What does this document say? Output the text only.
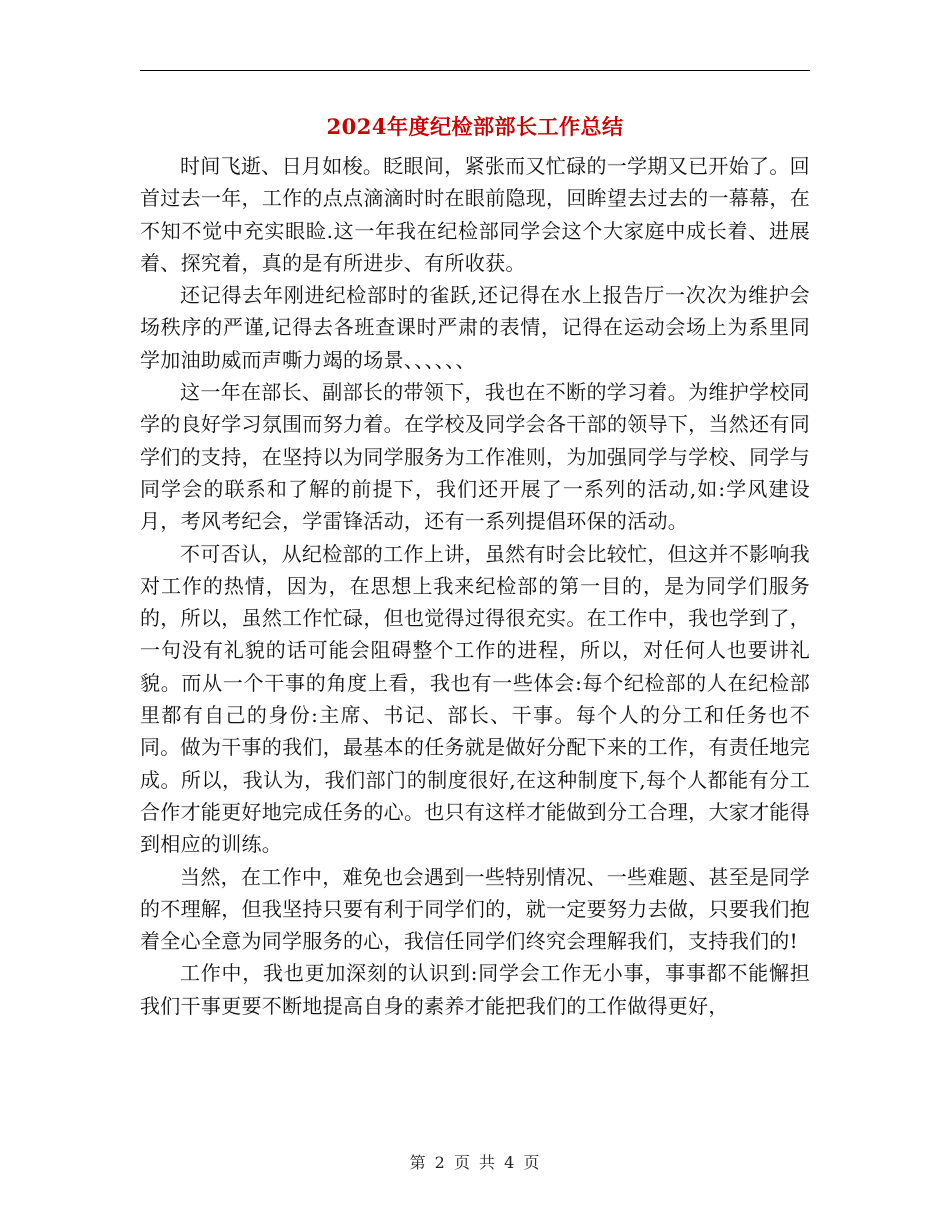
2024年度纪检部部长工作总结

时间飞逝、日月如梭。眨眼间，紧张而又忙碌的一学期又已开始了。回首过去一年，工作的点点滴滴时时在眼前隐现，回眸望去过去的一幕幕，在不知不觉中充实眼睑.这一年我在纪检部同学会这个大家庭中成长着、进展着、探究着，真的是有所进步、有所收获。

还记得去年刚进纪检部时的雀跃,还记得在水上报告厅一次次为维护会场秩序的严谨,记得去各班查课时严肃的表情，记得在运动会场上为系里同学加油助威而声嘶力竭的场景、、、、、、

这一年在部长、副部长的带领下，我也在不断的学习着。为维护学校同学的良好学习氛围而努力着。在学校及同学会各干部的领导下，当然还有同学们的支持，在坚持以为同学服务为工作准则，为加强同学与学校、同学与同学会的联系和了解的前提下，我们还开展了一系列的活动,如:学风建设月，考风考纪会，学雷锋活动，还有一系列提倡环保的活动。

不可否认，从纪检部的工作上讲，虽然有时会比较忙，但这并不影响我对工作的热情，因为，在思想上我来纪检部的第一目的，是为同学们服务的，所以，虽然工作忙碌，但也觉得过得很充实。在工作中，我也学到了，一句没有礼貌的话可能会阻碍整个工作的进程，所以，对任何人也要讲礼貌。而从一个干事的角度上看，我也有一些体会:每个纪检部的人在纪检部里都有自己的身份:主席、书记、部长、干事。每个人的分工和任务也不同。做为干事的我们，最基本的任务就是做好分配下来的工作，有责任地完成。所以，我认为，我们部门的制度很好,在这种制度下,每个人都能有分工合作才能更好地完成任务的心。也只有这样才能做到分工合理，大家才能得到相应的训练。

当然，在工作中，难免也会遇到一些特别情况、一些难题、甚至是同学的不理解，但我坚持只要有利于同学们的，就一定要努力去做，只要我们抱着全心全意为同学服务的心，我信任同学们终究会理解我们，支持我们的!

工作中，我也更加深刻的认识到:同学会工作无小事，事事都不能懈担我们干事更要不断地提高自身的素养才能把我们的工作做得更好，

第 2 页 共 4 页
